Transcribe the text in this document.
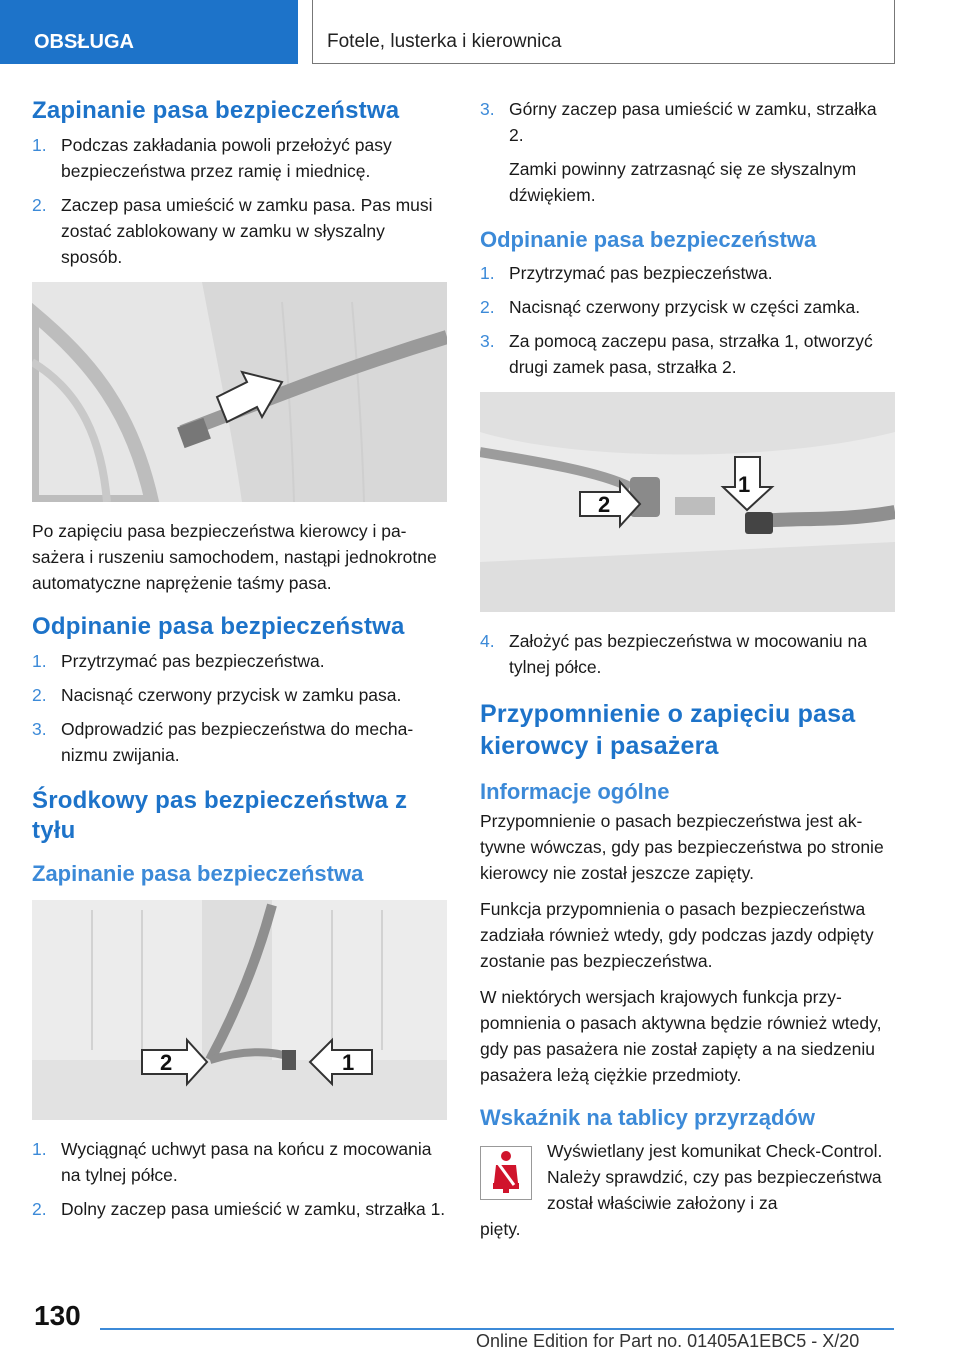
OBSŁUGA	Fotele, lusterka i kierownica
Zapinanie pasa bezpieczeństwa
1. Podczas zakładania powoli przełożyć pasy bezpieczeństwa przez ramię i miednicę.
2. Zaczep pasa umieścić w zamku pasa. Pas musi zostać zablokowany w zamku w słyszalny sposób.

Po zapięciu pasa bezpieczeństwa kierowcy i pasażera i ruszeniu samochodem, nastąpi jednokrotne automatyczne naprężenie taśmy pasa.

Odpinanie pasa bezpieczeństwa
1. Przytrzymać pas bezpieczeństwa.
2. Nacisnąć czerwony przycisk w zamku pasa.
3. Odprowadzić pas bezpieczeństwa do mechanizmu zwijania.
Środkowy pas bezpieczeństwa z tyłu
Zapinanie pasa bezpieczeństwa
2	1
1. Wyciągnąć uchwyt pasa na końcu z mocowania na tylnej półce.
2. Dolny zaczep pasa umieścić w zamku, strzałka 1.
3. Górny zaczep pasa umieścić w zamku, strzałka 2.
Zamki powinny zatrzasnąć się ze słyszalnym dźwiękiem.
Odpinanie pasa bezpieczeństwa
1. Przytrzymać pas bezpieczeństwa.
2. Nacisnąć czerwony przycisk w części zamka.
3. Za pomocą zaczepu pasa, strzałka 1, otworzyć drugi zamek pasa, strzałka 2.
2
1
4. Założyć pas bezpieczeństwa w mocowaniu na tylnej półce.
Przypomnienie o zapięciu pasa kierowcy i pasażera
Informacje ogólne

Przypomnienie o pasach bezpieczeństwa jest aktywne wówczas, gdy pas bezpieczeństwa po stronie kierowcy nie został jeszcze zapięty.

Funkcja przypomnienia o pasach bezpieczeństwa zadziała również wtedy, gdy podczas jazdy odpięty zostanie pas bezpieczeństwa.

W niektórych wersjach krajowych funkcja przypomnienia o pasach aktywna będzie również wtedy, gdy pas pasażera nie został zapięty a na siedzeniu pasażera leżą ciężkie przedmioty.

Wskaźnik na tablicy przyrządów
Wyświetlany jest komunikat Check-Control. Należy sprawdzić, czy pas bezpieczeństwa został właściwie założony i za
pięty.
130
Online Edition for Part no. 01405A1EBC5 - X/20
